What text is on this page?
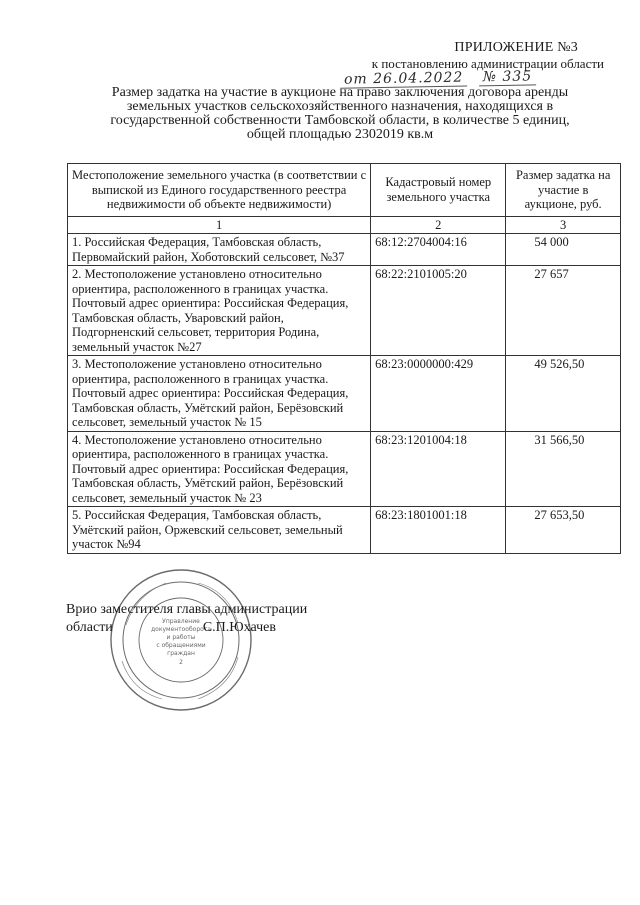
ПРИЛОЖЕНИЕ №3
к постановлению администрации области
от 26.04.2022 № 335
Размер задатка на участие в аукционе на право заключения договора аренды
земельных участков сельскохозяйственного назначения, находящихся в
государственной собственности Тамбовской области, в количестве 5 единиц,
общей площадью 2302019 кв.м
Местоположение земельного участка (в соответствии с выпиской из Единого государственного реестра недвижимости об объекте недвижимости)	Кадастровый номер земельного участка	Размер задатка на участие в аукционе, руб.
1	2	3
1. Российская Федерация, Тамбовская область, Первомайский район, Хоботовский сельсовет, №37	68:12:2704004:16	54 000
2. Местоположение установлено относительно ориентира, расположенного в границах участка. Почтовый адрес ориентира: Российская Федерация, Тамбовская область, Уваровский район, Подгорненский сельсовет, территория Родина, земельный участок №27	68:22:2101005:20	27 657
3. Местоположение установлено относительно ориентира, расположенного в границах участка. Почтовый адрес ориентира: Российская Федерация, Тамбовская область, Умётский район, Берёзовский сельсовет, земельный участок № 15	68:23:0000000:429	49 526,50
4. Местоположение установлено относительно ориентира, расположенного в границах участка. Почтовый адрес ориентира: Российская Федерация, Тамбовская область, Умётский район, Берёзовский сельсовет, земельный участок № 23	68:23:1201004:18	31 566,50
5. Российская Федерация, Тамбовская область, Умётский район, Оржевский сельсовет, земельный участок №94	68:23:1801001:18	27 653,50
Управление
документооборота
и работы
с обращениями
граждан
2
Врио заместителя главы администрации
области	С.П.Юхачев
